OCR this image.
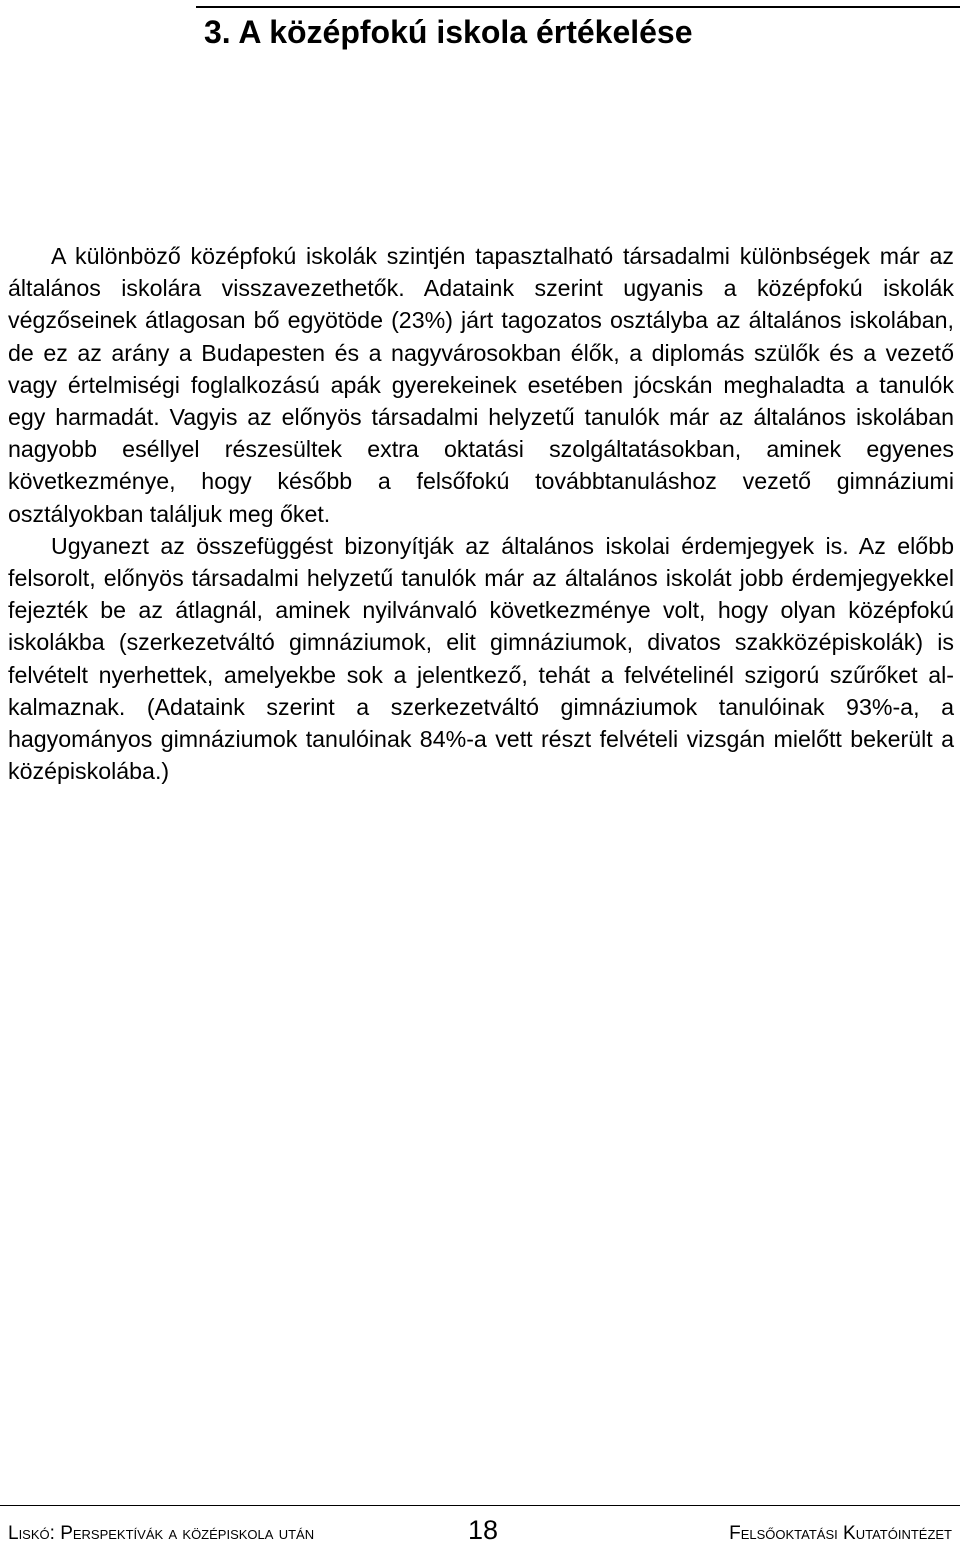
3. A középfokú iskola értékelése

A különböző középfokú iskolák szintjén tapasztalható társadalmi különbségek már az általános iskolára visszavezethetők. Adataink szerint ugyanis a középfokú iskolák végzőseinek átlagosan bő egyötöde (23%) járt tagozatos osztályba az általános iskolában, de ez az arány a Budapesten és a nagyvárosokban élők, a diplomás szülők és a vezető vagy értelmiségi foglalkozású apák gyerekeinek esetében jócskán meghaladta a tanulók egy harmadát. Vagyis az előnyös társadalmi helyzetű tanulók már az általános iskolában nagyobb eséllyel részesültek extra oktatási szolgáltatásokban, aminek egyenes következménye, hogy később a felsőfokú továbbtanuláshoz vezető gimnáziumi osztályokban találjuk meg őket.

Ugyanezt az összefüggést bizonyítják az általános iskolai érdemjegyek is. Az előbb felsorolt, előnyös társadalmi helyzetű tanulók már az általános iskolát jobb érdemjegyekkel fejezték be az átlagnál, aminek nyilvánvaló következménye volt, hogy olyan középfokú iskolákba (szerkezetváltó gimnáziumok, elit gimnáziumok, divatos szakközépiskolák) is felvételt nyerhettek, amelyekbe sok a jelentkező, tehát a felvételinél szigorú szűrőket alkalmaznak. (Adataink szerint a szerkezetváltó gimnáziumok tanulóinak 93%-a, a hagyományos gimnáziumok tanulóinak 84%-a vett részt felvételi vizsgán mielőtt bekerült a középiskolába.)

Liskó: Perspektívák a középiskola után	18	Felsőoktatási Kutatóintézet
